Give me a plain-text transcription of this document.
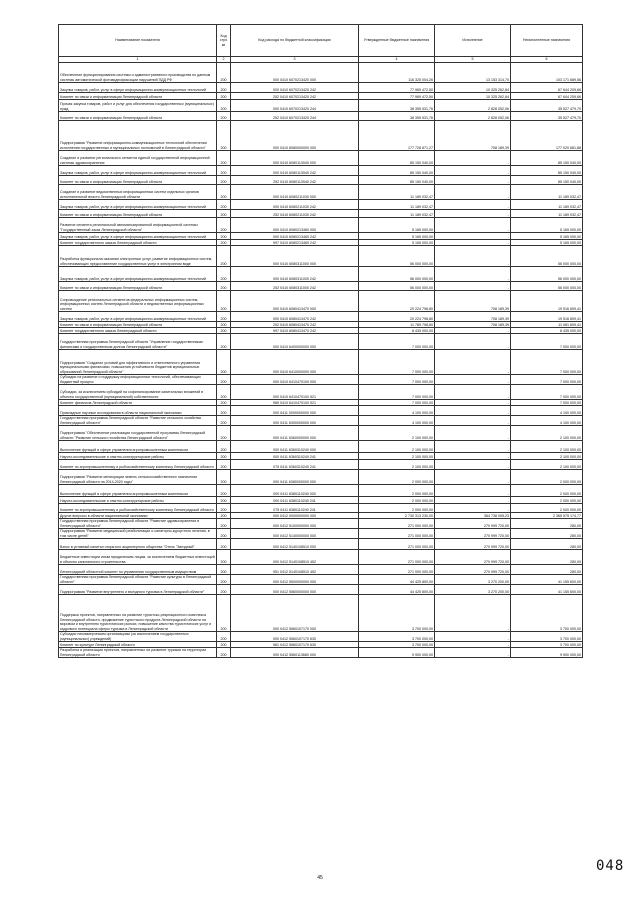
Наименование показателя	Код стро ки	Код расхода по бюджетной классификации	Утвержденные бюджетные назначения	Исполнение	Неисполненные назначения
1	2	3	4	5	6
Обеспечение функционирования системы и административного производства по данным системы автоматической фотовидеофиксации нарушений ПДД РФ	200	000 0410 6070213420 000	116 325 004,26	13 153 314,70	103 171 689,56
Закупка товаров, работ, услуг в сфере информационно-коммуникационных технологий	200	000 0410 6070213420 242	77 969 472,50	10 325 262,84	67 644 209,66
Комитет по связи и информатизации Ленинградской области	200	252 0410 6070213420 242	77 969 472,50	10 325 262,84	67 644 209,66
Прочая закупка товаров, работ и услуг для обеспечения государственных (муниципальных) нужд	200	000 0410 6070213420 244	38 355 531,76	2 828 052,06	35 527 479,70
Комитет по связи и информатизации Ленинградской области	200	252 0410 6070213420 244	38 355 531,76	2 828 052,06	35 527 479,70
Подпрограмма "Развитие информационно-коммуникационных технологий обеспечения исполнения государственных и муниципальных полномочий в Ленинградской области"	200	000 0410 6080000000 000	177 728 871,27	708 189,39	177 020 681,88
Создание и развитие регионального сегмента единой государственной информационной системы здравоохранения	200	000 0410 6080113940 000	85 150 040,00	-	85 150 040,00
Закупка товаров, работ, услуг в сфере информационно-коммуникационных технологий	200	000 0410 6080113940 242	85 150 040,00	-	85 150 040,00
Комитет по связи и информатизации Ленинградской области	200	252 0410 6080113940 242	85 150 040,00	-	85 150 040,00
Создание и развитие ведомственных информационных систем отдельных органов исполнительной власти Ленинградской области	200	000 0410 6080211030 000	11 189 032,47	-	11 189 032,47
Закупка товаров, работ, услуг в сфере информационно-коммуникационных технологий	200	000 0410 6080211030 242	11 189 032,47	-	11 189 032,47
Комитет по связи и информатизации Ленинградской области	200	252 0410 6080211030 242	11 189 032,47	-	11 189 032,47
Развитие сегмента региональной автоматизированной информационной системы "Государственный заказ Ленинградской области"	200	000 0410 6080213460 000	5 165 000,00	-	5 165 000,00
Закупка товаров, работ, услуг в сфере информационно-коммуникационных технологий	200	000 0410 6080213460 242	5 165 000,00	-	5 165 000,00
Комитет государственного заказа Ленинградской области	200	997 0410 6080213460 242	5 165 000,00	-	5 165 000,00
Разработка функционала оказания электронных услуг, развитие информационных систем, обеспечивающих предоставление государственных услуг в электронном виде	200	000 0410 6080311000 000	56 000 000,00	-	56 000 000,00
Закупка товаров, работ, услуг в сфере информационно-коммуникационных технологий	200	000 0410 6080311000 242	56 000 000,00	-	56 000 000,00
Комитет по связи и информатизации Ленинградской области	200	252 0410 6080311000 242	56 000 000,00	-	56 000 000,00
Сопровождение региональных сегментов федеральных информационных систем, информационных систем Ленинградской области и ведомственных информационных систем	200	000 0410 6080413470 000	20 224 798,80	708 189,39	19 516 609,41
Закупка товаров, работ, услуг в сфере информационно-коммуникационных технологий	200	000 0410 6080413470 242	20 224 798,80	708 189,39	19 516 609,41
Комитет по связи и информатизации Ленинградской области	200	252 0410 6080413470 242	11 789 798,80	708 189,39	11 081 609,41
Комитет государственного заказа Ленинградской области	200	997 0410 6080413470 242	8 435 000,00	-	8 435 000,00
Государственная программа Ленинградской области "Управление государственными финансами и государственным долгом Ленинградской области"	200	000 0410 6400000000 000	7 000 000,00	-	7 000 000,00
Подпрограмма "Создание условий для эффективного и ответственного управления муниципальными финансами, повышения устойчивости бюджетов муниципальных образований Ленинградской области"	200	000 0410 6410000000 000	7 000 000,00	-	7 000 000,00
Субсидии на развитие и поддержку информационных технологий, обеспечивающих бюджетный процесс	200	000 0410 6410470100 000	7 000 000,00	-	7 000 000,00
Субсидии, за исключением субсидий на софинансирование капитальных вложений в объекты государственной (муниципальной) собственности	200	000 0410 6410470100 521	7 000 000,00	-	7 000 000,00
Комитет финансов Ленинградской области	200	985 0410 6410470100 521	7 000 000,00	-	7 000 000,00
Прикладные научные исследования в области национальной экономики	200	000 0411 0000000000 000	4 100 000,00	-	4 100 000,00
Государственная программа Ленинградской области "Развитие сельского хозяйства Ленинградской области"	200	000 0411 6300000000 000	4 100 000,00	-	4 100 000,00
Подпрограмма "Обеспечение реализации государственной программы Ленинградской области "Развитие сельского хозяйства Ленинградской области"	200	000 0411 6360000000 000	2 100 000,00	-	2 100 000,00
Выполнение функций в сфере управления агропромышленным комплексом	200	000 0411 6360310240 000	2 100 000,00	-	2 100 000,00
Научно-исследовательские и опытно-конструкторские работы	200	000 0411 6360310240 241	2 100 000,00	-	2 100 000,00
Комитет по агропромышленному и рыбохозяйственному комплексу Ленинградской области	200	075 0411 6360310240 241	2 100 000,00	-	2 100 000,00
Подпрограмма "Развитие мелиорации земель сельскохозяйственного назначения Ленинградской области на 2014-2020 годы"	200	000 0411 6380000000 000	2 000 000,00	-	2 000 000,00
Выполнение функций в сфере управления агропромышленным комплексом	200	000 0411 6380110240 000	2 000 000,00	-	2 000 000,00
Научно-исследовательские и опытно-конструкторские работы	200	000 0411 6380110240 241	2 000 000,00	-	2 000 000,00
Комитет по агропромышленному и рыбохозяйственному комплексу Ленинградской области	200	075 0411 6380110240 241	2 000 000,00	-	2 000 000,00
Другие вопросы в области национальной экономики	200	000 0412 0000000000 000	2 730 313 230,00	364 738 055,23	2 365 575 174,77
Государственная программа Ленинградской области "Развитие здравоохранения в Ленинградской области"	200	000 0412 5100000000 000	271 000 000,00	270 999 720,00	280,00
Подпрограмма "Развитие медицинской реабилитации и санаторно-курортного лечения, в том числе детей"	200	000 0412 5140000000 000	271 000 000,00	270 999 720,00	280,00
Взнос в уставный капитал открытого акционерного общества "Отель "Звездный"	200	000 0412 5140108510 000	271 000 000,00	270 999 720,00	280,00
Бюджетные инвестиции иным юридическим лицам, за исключением бюджетных инвестиций в объекты капитального строительства	200	000 0412 5140108510 452	271 000 000,00	270 999 720,00	280,00
Ленинградский областной комитет по управлению государственным имуществом	200	951 0412 5140108510 452	271 000 000,00	270 999 720,00	280,00
Государственная программа Ленинградской области "Развитие культуры в Ленинградской области"	200	000 0412 5500000000 000	44 425 800,00	3 270 200,00	41 155 600,00
Подпрограмма "Развитие внутреннего и въездного туризма в Ленинградской области"	200	000 0412 5560000000 000	44 425 800,00	3 270 200,00	41 155 600,00
Поддержка проектов, направленных на развитие туристско-рекреационного комплекса Ленинградской области, продвижение туристского продукта Ленинградской области на мировом и внутреннем туристических рынках, повышение качества туристических услуг и кадрового потенциала сферы туризма в Ленинградской области	200	000 0412 5560107170 000	3 700 000,00	-	3 700 000,00
Субсидии некоммерческим организациям (за исключением государственных (муниципальных) учреждений)	200	000 0412 5560107170 630	3 700 000,00	-	3 700 000,00
Комитет по культуре Ленинградской области	200	981 0412 5560107170 630	3 700 000,00	-	3 700 000,00
Разработка и реализация проектов, направленных на развитие туризма на территории Ленинградской области	200	000 0412 5560113680 000	9 900 000,00	-	9 900 000,00
45
048
